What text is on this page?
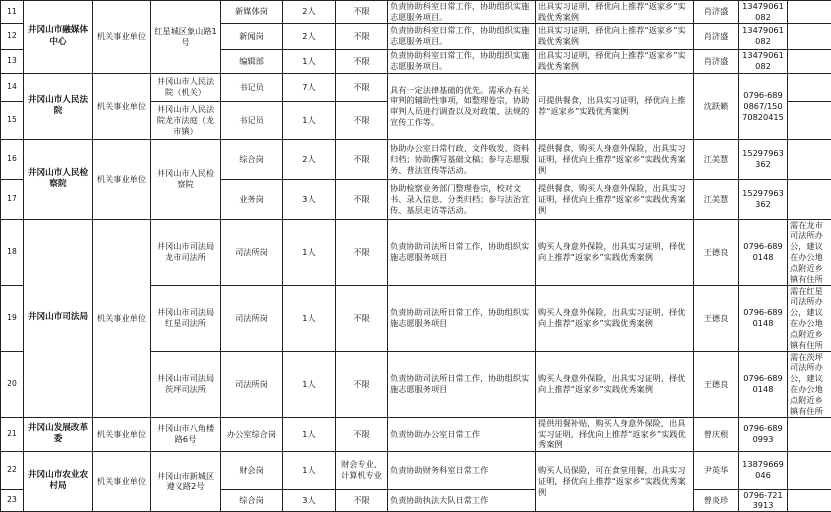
11	井冈山市融媒体中心	机关事业单位	红星城区象山路1号	新媒体岗	2人	不限	负责协助科室日常工作，协助组织实施志愿服务项目。	出具实习证明，择优向上推荐“返家乡”实践优秀案例	肖济盛	13479061082	
12				新闻岗	2人	不限	负责协助科室日常工作，协助组织实施志愿服务项目。	出具实习证明，择优向上推荐“返家乡”实践优秀案例	肖济盛	13479061082	
13				编辑部	1人	不限	负责协助科室日常工作，协助组织实施志愿服务项目。	出具实习证明，择优向上推荐“返家乡”实践优秀案例	肖济盛	13479061082	
14	井冈山市人民法院	机关事业单位	井冈山市人民法院（机关）	书记员	7人	不限	具有一定法律基础的优先。需承办有关审判的辅助性事项，如整理卷宗，协助审判人员进行调查以及对政策、法规的宣传工作等。	可提供餐食，出具实习证明，择优向上推荐“返家乡”实践优秀案例	沈跃籁	0796-6890867/15070820415	
15			井冈山市人民法院龙市法庭（龙市镇）	书记员	1人	不限					
16	井冈山市人民检察院	机关事业单位	井冈山市人民检察院	综合岗	2人	不限	协助办公室日常行政、文件收发、资料归档；协助撰写基础文稿；参与志愿服务、普法宣传等活动。	提供餐食，购买人身意外保险，出具实习证明，择优向上推荐“返家乡”实践优秀案例	江美慧	15297963362	
17				业务岗	3人	不限	协助检察业务部门整理卷宗，校对文书、录入信息、分类归档；参与法治宣传、基层走访等活动。	提供餐食，购买人身意外保险，出具实习证明，择优向上推荐“返家乡”实践优秀案例	江美慧	15297963362	
18	井冈山市司法局	机关事业单位	井冈山市司法局龙市司法所	司法所岗	1人	不限	负责协助司法所日常工作，协助组织实施志愿服务项目	购买人身意外保险，出具实习证明，择优向上推荐“返家乡”实践优秀案例	王德良	0796-6890148	需在龙市司法所办公，建议在办公地点附近乡镇有住所
19			井冈山市司法局红星司法所	司法所岗	1人	不限	负责协助司法所日常工作，协助组织实施志愿服务项目	购买人身意外保险，出具实习证明，择优向上推荐“返家乡”实践优秀案例	王德良	0796-6890148	需在红星司法所办公，建议在办公地点附近乡镇有住所
20			井冈山市司法局茨坪司法所	司法所岗	1人	不限	负责协助司法所日常工作，协助组织实施志愿服务项目	购买人身意外保险，出具实习证明，择优向上推荐“返家乡”实践优秀案例	王德良	0796-6890148	需在茨坪司法所办公，建议在办公地点附近乡镇有住所
21	井冈山发展改革委	机关事业单位	井冈山市八角楼路6号	办公室综合岗	1人	不限	负责协助办公室日常工作	提供用餐补贴，购买人身意外保险，出具实习证明，择优向上推荐“返家乡”实践优秀案例	曾庆根	0796-6890993	
22	井冈山市农业农村局	机关事业单位	井冈山市新城区遵义路2号	财会岗	1人	财会专业、计算机专业	负责协助财务科室日常工作	购买人员保险，可在食堂用餐，出具实习证明，择优向上推荐“返家乡”实践优秀案例	尹英华	13879669046	
23				综合岗	3人	不限	负责协助执法大队日常工作		曾炎珍	0796-7213913	
